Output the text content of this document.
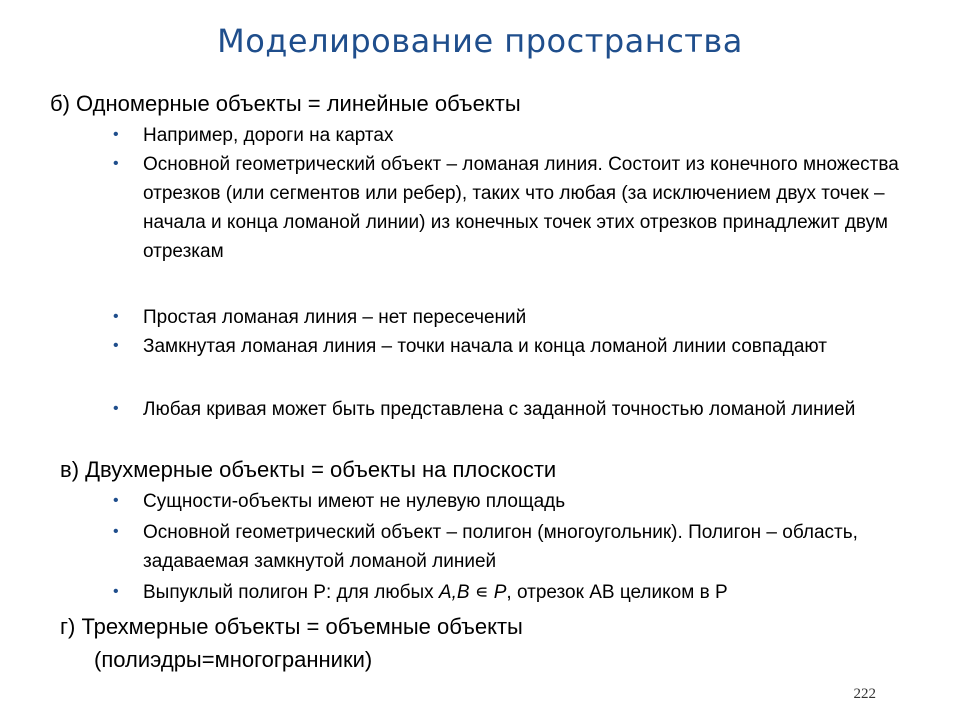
Моделирование пространства
б) Одномерные объекты = линейные объекты
• Например, дороги на картах
• Основной геометрический объект – ломаная линия. Состоит из конечного множества отрезков (или сегментов или ребер), таких что любая (за исключением двух точек – начала и конца ломаной линии) из конечных точек этих отрезков принадлежит двум отрезкам
• Простая ломаная линия – нет пересечений
• Замкнутая ломаная линия – точки начала и конца ломаной линии совпадают
• Любая кривая может быть представлена с заданной точностью ломаной линией
в) Двухмерные объекты = объекты на плоскости
• Сущности-объекты имеют не нулевую площадь
• Основной геометрический объект – полигон (многоугольник). Полигон – область, задаваемая замкнутой ломаной линией
• Выпуклый полигон P: для любых A,B ∊ P, отрезок АВ целиком в Р
г) Трехмерные объекты = объемные объекты
(полиэдры=многогранники)
222
